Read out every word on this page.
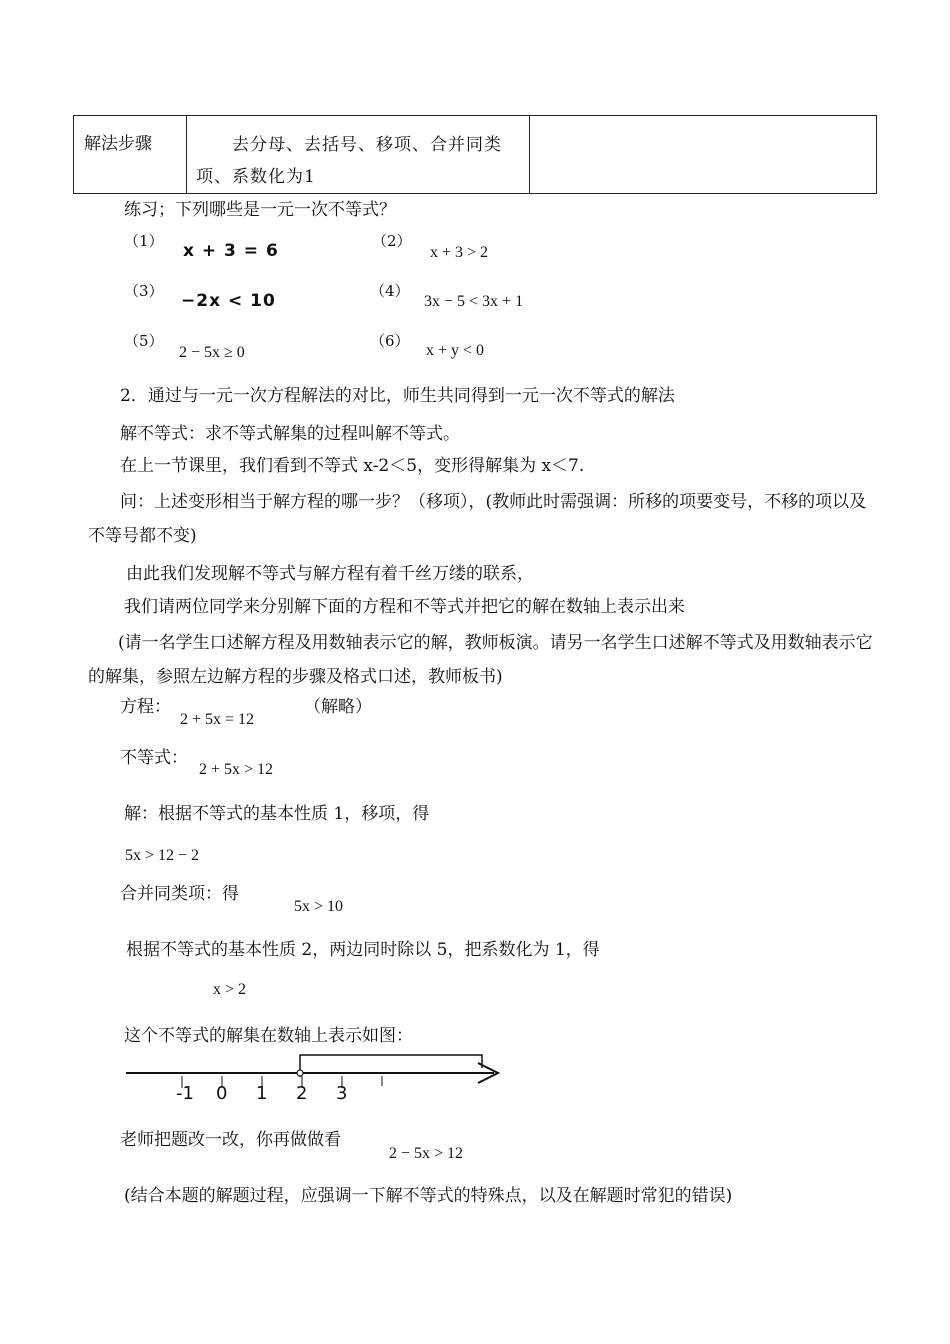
解法步骤

  去分母、去括号、移项、合并同类项、系数化为1

练习；下列哪些是一元一次不等式？
（1） x + 3 = 6	（2）
x + 3 > 2
（3） −2x < 10	（4）
3x − 5 < 3x + 1
（5）
2 − 5x ≥ 0
（6）
x + y < 0
2．通过与一元一次方程解法的对比，师生共同得到一元一次不等式的解法
解不等式：求不等式解集的过程叫解不等式。
在上一节课里，我们看到不等式 x-2＜5，变形得解集为 x＜7.
问：上述变形相当于解方程的哪一步？（移项），(教师此时需强调：所移的项要变号，不移的项以及不等号都不变)
由此我们发现解不等式与解方程有着千丝万缕的联系，
我们请两位同学来分别解下面的方程和不等式并把它的解在数轴上表示出来
(请一名学生口述解方程及用数轴表示它的解，教师板演。请另一名学生口述解不等式及用数轴表示它的解集，参照左边解方程的步骤及格式口述，教师板书)
方程：
2 + 5x = 12
（解略）
不等式：
2 + 5x > 12
解：根据不等式的基本性质 1，移项，得
5x > 12 − 2
合并同类项：得
5x > 10
根据不等式的基本性质 2，两边同时除以 5，把系数化为 1，得
x > 2
这个不等式的解集在数轴上表示如图：
-1 0 1 2 3
老师把题改一改，你再做做看
2 − 5x > 12
(结合本题的解题过程，应强调一下解不等式的特殊点，以及在解题时常犯的错误)
